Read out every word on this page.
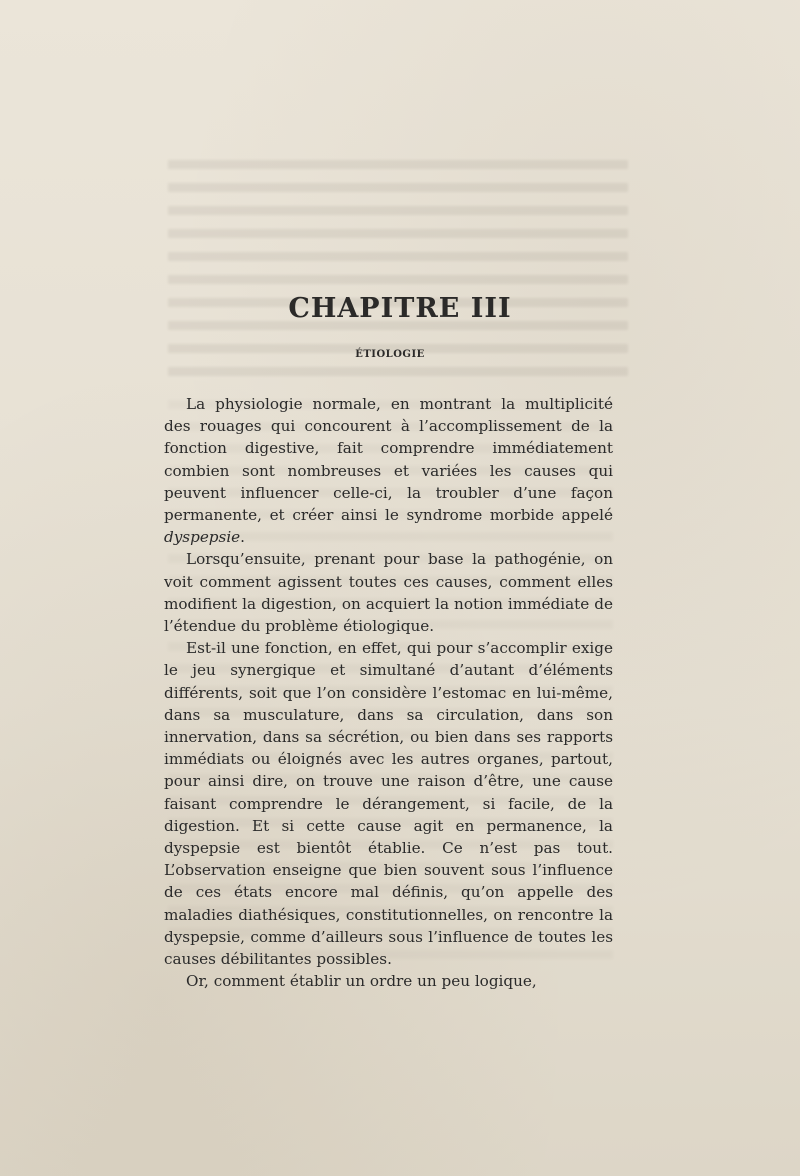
CHAPITRE III
ÉTIOLOGIE

La physiologie normale, en montrant la multiplicité des rouages qui concourent à l’accomplissement de la fonction digestive, fait comprendre immédiatement combien sont nombreuses et variées les causes qui peuvent influencer celle-ci, la troubler d’une façon permanente, et créer ainsi le syndrome morbide appelé dyspepsie.

Lorsqu’ensuite, prenant pour base la pathogénie, on voit comment agissent toutes ces causes, comment elles modifient la digestion, on acquiert la notion immédiate de l’étendue du problème étiologique.

Est-il une fonction, en effet, qui pour s’accomplir exige le jeu synergique et simultané d’autant d’éléments différents, soit que l’on considère l’estomac en lui-même, dans sa musculature, dans sa circulation, dans son innervation, dans sa sécrétion, ou bien dans ses rapports immédiats ou éloignés avec les autres organes, partout, pour ainsi dire, on trouve une raison d’être, une cause faisant comprendre le dérangement, si facile, de la digestion. Et si cette cause agit en permanence, la dyspepsie est bientôt établie. Ce n’est pas tout. L’observation enseigne que bien souvent sous l’influence de ces états encore mal définis, qu’on appelle des maladies diathésiques, constitutionnelles, on rencontre la dyspepsie, comme d’ailleurs sous l’influence de toutes les causes débilitantes possibles.

Or, comment établir un ordre un peu logique,
